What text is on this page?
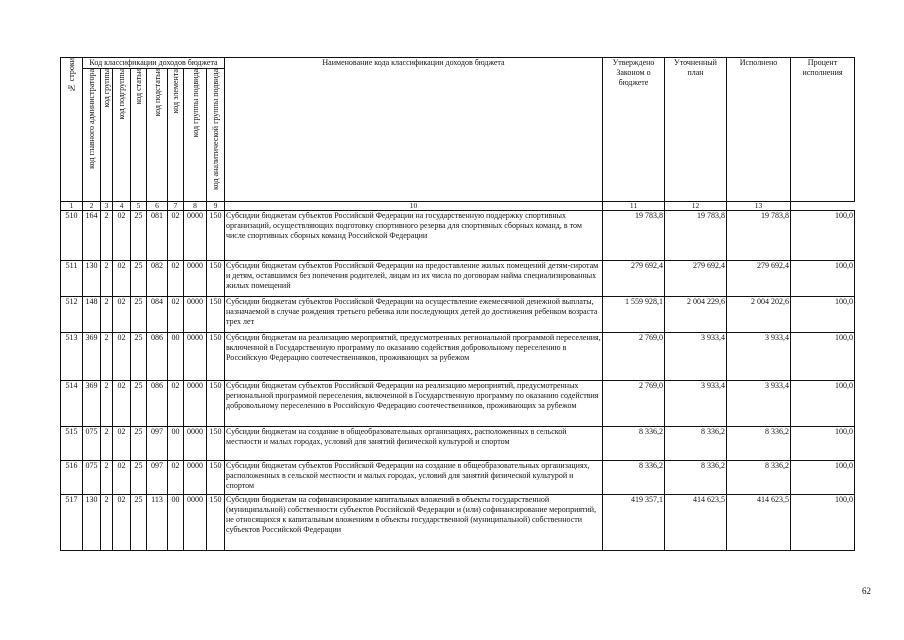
№ строки	Код классификации доходов бюджета								Наименование кода классификации доходов бюджета	Утверждено Законом о бюджете	Уточненный план	Исполнено	Процент исполнения

	код главного администратора	код группы	код подгруппы	код статьи	код подстатьи	код элемента	код группы подвида	код аналитической группы подвида					

1	2	3	4	5	6	7	8	9	10	11	12	13	
510	164	2	02	25	081	02	0000	150	Субсидии бюджетам субъектов Российской Федерации на государственную поддержку спортивных организаций, осуществляющих подготовку спортивного резерва для спортивных сборных команд, в том числе спортивных сборных команд Российской Федерации	19 783,8	19 783,8	19 783,8	100,0
511	130	2	02	25	082	02	0000	150	Субсидии бюджетам субъектов Российской Федерации на предоставление жилых помещений детям-сиротам и детям, оставшимся без попечения родителей, лицам из их числа по договорам найма специализированных жилых помещений	279 692,4	279 692,4	279 692,4	100,0
512	148	2	02	25	084	02	0000	150	Субсидии бюджетам субъектов Российской Федерации на осуществление ежемесячной денежной выплаты, назначаемой в случае рождения третьего ребенка или последующих детей до достижения ребенком возраста трех лет	1 559 928,1	2 004 229,6	2 004 202,6	100,0
513	369	2	02	25	086	00	0000	150	Субсидии бюджетам на реализацию мероприятий, предусмотренных региональной программой переселения, включенной в Государственную программу по оказанию содействия добровольному переселению в Российскую Федерацию соотечественников, проживающих за рубежом	2 769,0	3 933,4	3 933,4	100,0
514	369	2	02	25	086	02	0000	150	Субсидии бюджетам субъектов Российской Федерации на реализацию мероприятий, предусмотренных региональной программой переселения, включенной в Государственную программу по оказанию содействия добровольному переселению в Российскую Федерацию соотечественников, проживающих за рубежом	2 769,0	3 933,4	3 933,4	100,0
515	075	2	02	25	097	00	0000	150	Субсидии бюджетам на создание в общеобразовательных организациях, расположенных в сельской местности и малых городах, условий для занятий физической культурой и спортом	8 336,2	8 336,2	8 336,2	100,0
516	075	2	02	25	097	02	0000	150	Субсидии бюджетам субъектов Российской Федерации на создание в общеобразовательных организациях, расположенных в сельской местности и малых городах, условий для занятий физической культурой и спортом	8 336,2	8 336,2	8 336,2	100,0
517	130	2	02	25	113	00	0000	150	Субсидии бюджетам на софинансирование капитальных вложений в объекты государственной (муниципальной) собственности субъектов Российской Федерации и (или) софинансирование мероприятий, не относящихся к капитальным вложениям в объекты государственной (муниципальной) собственности субъектов Российской Федерации	419 357,1	414 623,5	414 623,5	100,0
62
